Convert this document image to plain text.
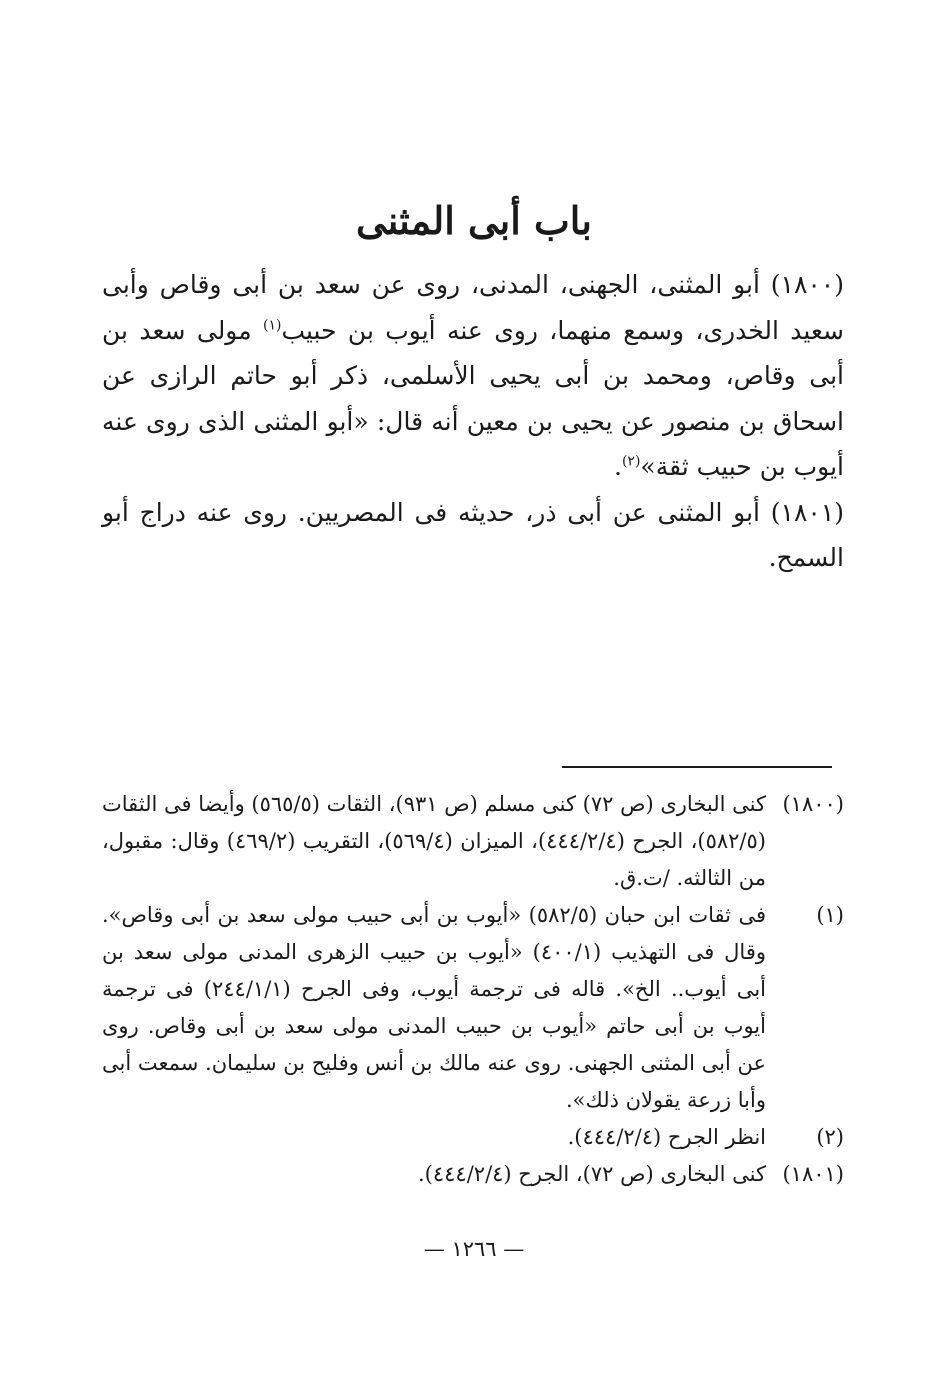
باب أبى المثنى

(١٨٠٠) أبو المثنى، الجهنى، المدنى، روى عن سعد بن أبى وقاص وأبى سعيد الخدرى، وسمع منهما، روى عنه أيوب بن حبيب$^{(١)}$ مولى سعد بن أبى وقاص، ومحمد بن أبى يحيى الأسلمى، ذكر أبو حاتم الرازى عن اسحاق بن منصور عن يحيى بن معين أنه قال: «أبو المثنى الذى روى عنه أيوب بن حبيب ثقة»$^{(٢)}$.

(١٨٠١) أبو المثنى عن أبى ذر، حديثه فى المصريين. روى عنه دراج أبو السمح.

(١٨٠٠)

كنى البخارى (ص ٧٢) كنى مسلم (ص ٩٣١)، الثقات (٥٦٥/٥) وأيضا فى الثقات (٥٨٢/٥)، الجرح (٤٤٤/٢/٤)، الميزان (٥٦٩/٤)، التقريب (٤٦٩/٢) وقال: مقبول، من الثالثه. /ت.ق.

(١)

فى ثقات ابن حبان (٥٨٢/٥) «أيوب بن أبى حبيب مولى سعد بن أبى وقاص». وقال فى التهذيب (٤٠٠/١) «أيوب بن حبيب الزهرى المدنى مولى سعد بن أبى أيوب.. الخ». قاله فى ترجمة أيوب، وفى الجرح (٢٤٤/١/١) فى ترجمة أيوب بن أبى حاتم «أيوب بن حبيب المدنى مولى سعد بن أبى وقاص. روى عن أبى المثنى الجهنى. روى عنه مالك بن أنس وفليح بن سليمان. سمعت أبى وأبا زرعة يقولان ذلك».

(٢)

انظر الجرح (٤٤٤/٢/٤).

(١٨٠١)

كنى البخارى (ص ٧٢)، الجرح (٤٤٤/٢/٤).

— ١٢٦٦ —
